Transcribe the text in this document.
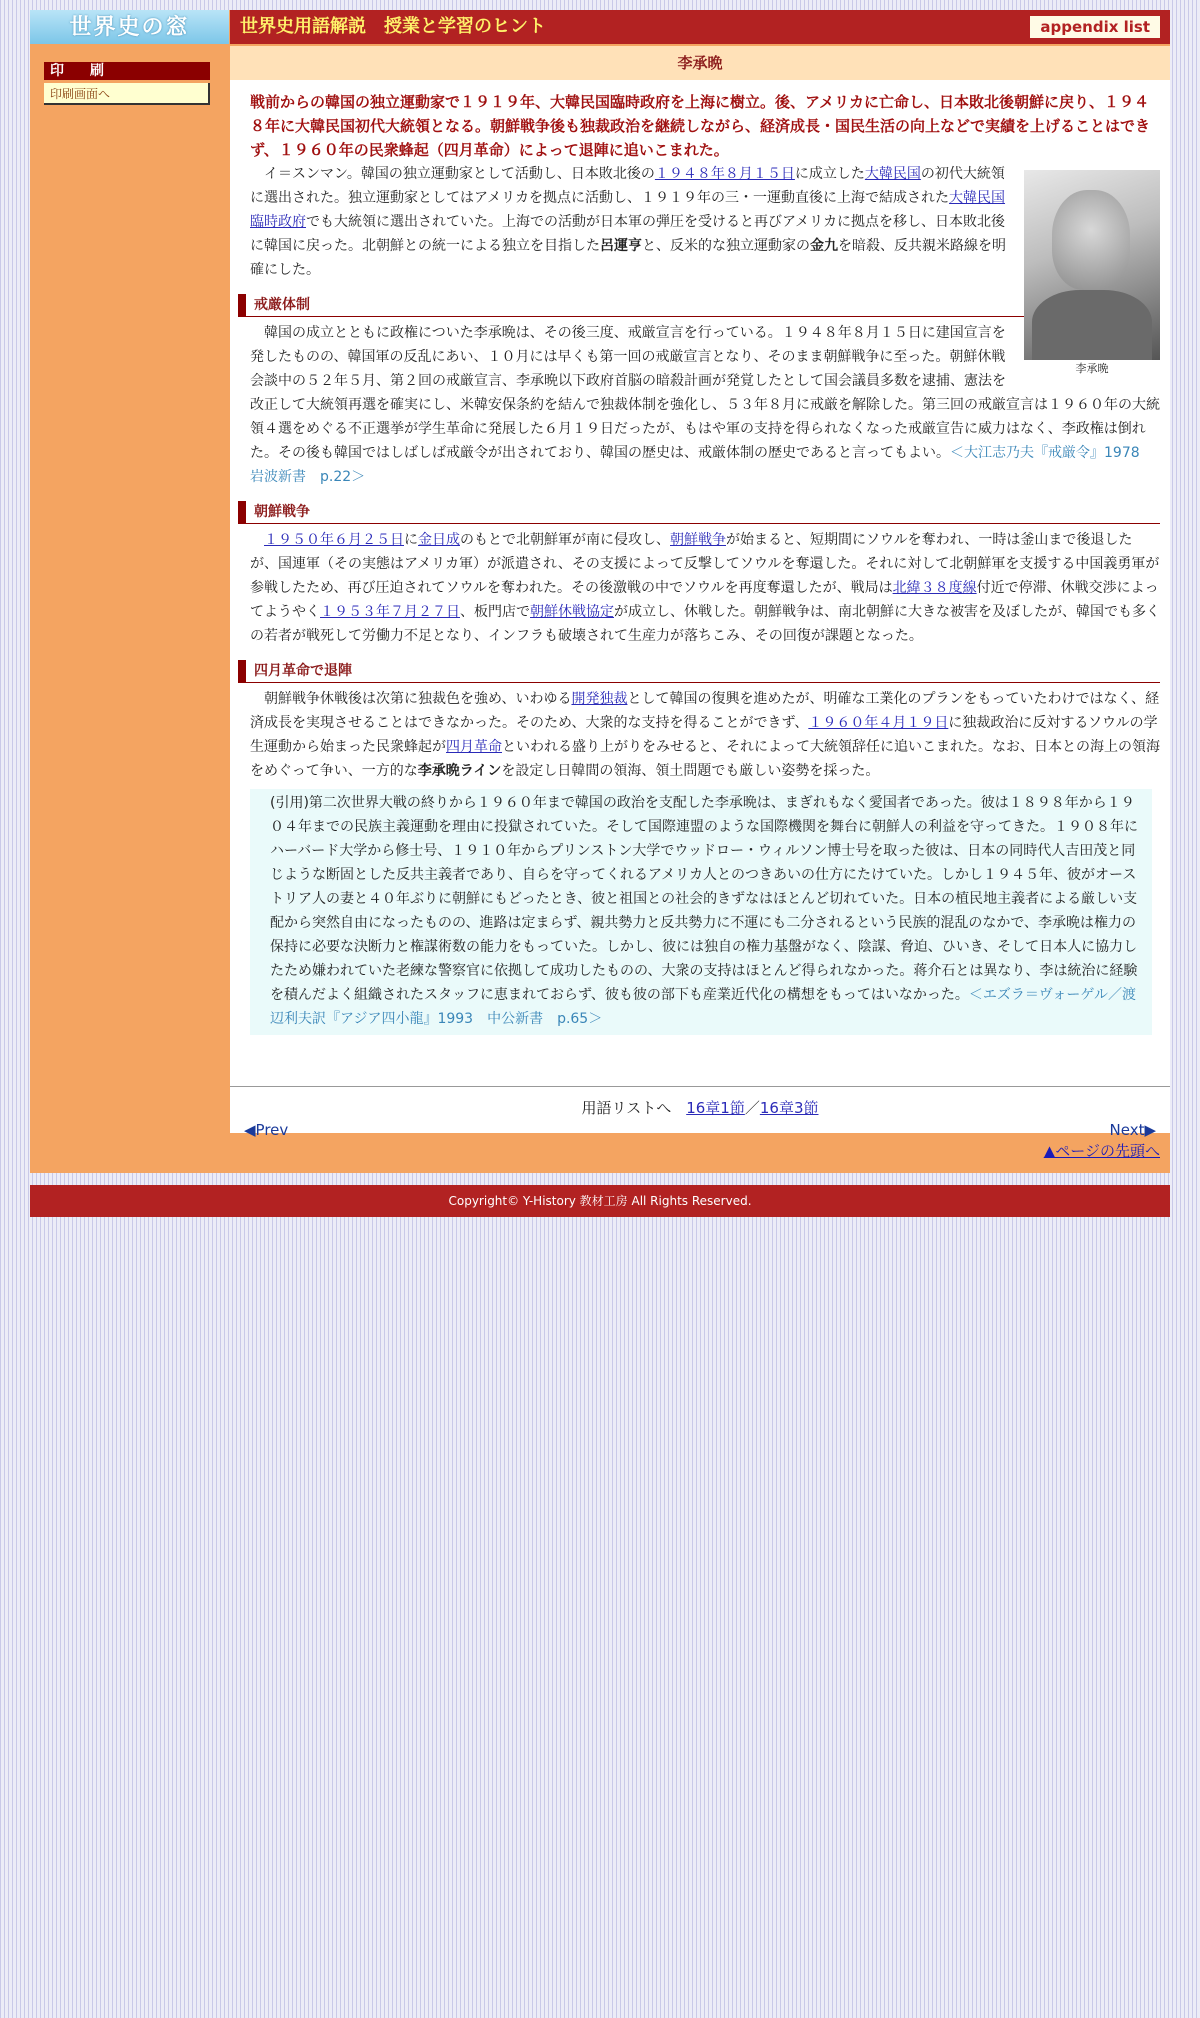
世界史の窓	世界史用語解説　授業と学習のヒント	appendix list
印　刷
印刷画面へ
李承晩
戦前からの韓国の独立運動家で１９１９年、大韓民国臨時政府を上海に樹立。後、アメリカに亡命し、日本敗北後朝鮮に戻り、１９４８年に大韓民国初代大統領となる。朝鮮戦争後も独裁政治を継続しながら、経済成長・国民生活の向上などで実績を上げることはできず、１９６０年の民衆蜂起（四月革命）によって退陣に追いこまれた。
李承晩

イ＝スンマン。韓国の独立運動家として活動し、日本敗北後の１９４８年８月１５日に成立した大韓民国の初代大統領に選出された。独立運動家としてはアメリカを拠点に活動し、１９１９年の三・一運動直後に上海で結成された大韓民国臨時政府でも大統領に選出されていた。上海での活動が日本軍の弾圧を受けると再びアメリカに拠点を移し、日本敗北後に韓国に戻った。北朝鮮との統一による独立を目指した呂運亨と、反米的な独立運動家の金九を暗殺、反共親米路線を明確にした。

戒厳体制

韓国の成立とともに政権についた李承晩は、その後三度、戒厳宣言を行っている。１９４８年８月１５日に建国宣言を発したものの、韓国軍の反乱にあい、１０月には早くも第一回の戒厳宣言となり、そのまま朝鮮戦争に至った。朝鮮休戦会談中の５２年５月、第２回の戒厳宣言、李承晩以下政府首脳の暗殺計画が発覚したとして国会議員多数を逮捕、憲法を改正して大統領再選を確実にし、米韓安保条約を結んで独裁体制を強化し、５３年８月に戒厳を解除した。第三回の戒厳宣言は１９６０年の大統領４選をめぐる不正選挙が学生革命に発展した６月１９日だったが、もはや軍の支持を得られなくなった戒厳宣告に威力はなく、李政権は倒れた。その後も韓国ではしばしば戒厳令が出されており、韓国の歴史は、戒厳体制の歴史であると言ってもよい。＜大江志乃夫『戒厳令』1978　岩波新書　p.22＞

朝鮮戦争

１９５０年６月２５日に金日成のもとで北朝鮮軍が南に侵攻し、朝鮮戦争が始まると、短期間にソウルを奪われ、一時は釜山まで後退したが、国連軍（その実態はアメリカ軍）が派遣され、その支援によって反撃してソウルを奪還した。それに対して北朝鮮軍を支援する中国義勇軍が参戦したため、再び圧迫されてソウルを奪われた。その後激戦の中でソウルを再度奪還したが、戦局は北緯３８度線付近で停滞、休戦交渉によってようやく１９５３年７月２７日、板門店で朝鮮休戦協定が成立し、休戦した。朝鮮戦争は、南北朝鮮に大きな被害を及ぼしたが、韓国でも多くの若者が戦死して労働力不足となり、インフラも破壊されて生産力が落ちこみ、その回復が課題となった。

四月革命で退陣

朝鮮戦争休戦後は次第に独裁色を強め、いわゆる開発独裁として韓国の復興を進めたが、明確な工業化のプランをもっていたわけではなく、経済成長を実現させることはできなかった。そのため、大衆的な支持を得ることができず、１９６０年４月１９日に独裁政治に反対するソウルの学生運動から始まった民衆蜂起が四月革命といわれる盛り上がりをみせると、それによって大統領辞任に追いこまれた。なお、日本との海上の領海をめぐって争い、一方的な李承晩ラインを設定し日韓間の領海、領土問題でも厳しい姿勢を採った。

(引用)第二次世界大戦の終りから１９６０年まで韓国の政治を支配した李承晩は、まぎれもなく愛国者であった。彼は１８９８年から１９０４年までの民族主義運動を理由に投獄されていた。そして国際連盟のような国際機関を舞台に朝鮮人の利益を守ってきた。１９０８年にハーバード大学から修士号、１９１０年からプリンストン大学でウッドロー・ウィルソン博士号を取った彼は、日本の同時代人吉田茂と同じような断固とした反共主義者であり、自らを守ってくれるアメリカ人とのつきあいの仕方にたけていた。しかし１９４５年、彼がオーストリア人の妻と４０年ぶりに朝鮮にもどったとき、彼と祖国との社会的きずなはほとんど切れていた。日本の植民地主義者による厳しい支配から突然自由になったものの、進路は定まらず、親共勢力と反共勢力に不運にも二分されるという民族的混乱のなかで、李承晩は権力の保持に必要な決断力と権謀術数の能力をもっていた。しかし、彼には独自の権力基盤がなく、陰謀、脅迫、ひいき、そして日本人に協力したため嫌われていた老練な警察官に依拠して成功したものの、大衆の支持はほとんど得られなかった。蒋介石とは異なり、李は統治に経験を積んだよく組織されたスタッフに恵まれておらず、彼も彼の部下も産業近代化の構想をもってはいなかった。＜エズラ＝ヴォーゲル／渡辺利夫訳『アジア四小龍』1993　中公新書　p.65＞

用語リストへ　16章1節／16章3節
◀Prev	Next▶
▲ページの先頭へ
Copyright© Y-History 教材工房 All Rights Reserved.
